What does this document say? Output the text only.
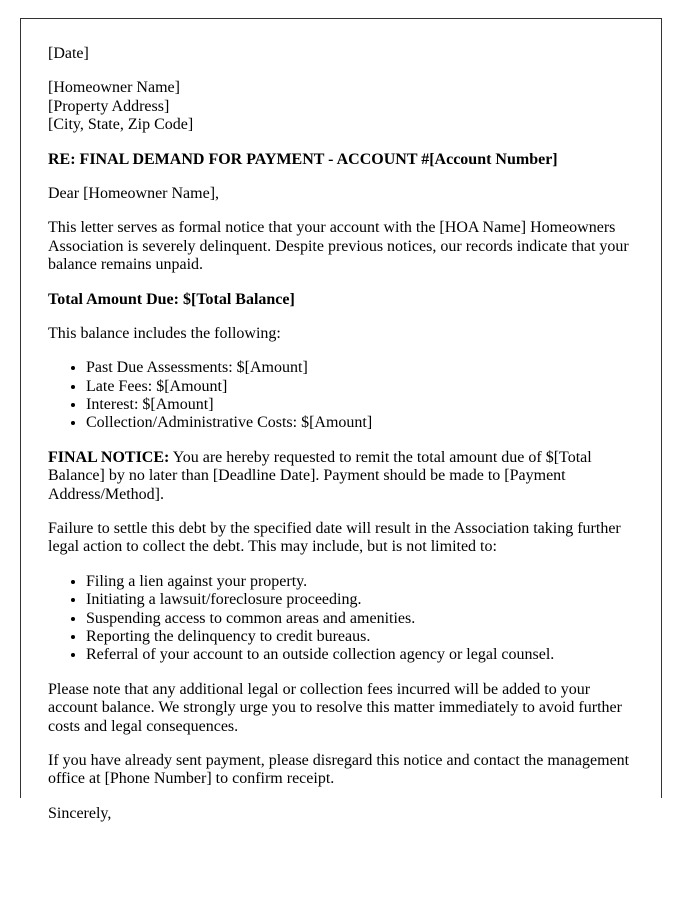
[Date]

[Homeowner Name]
[Property Address]
[City, State, Zip Code]

RE: FINAL DEMAND FOR PAYMENT - ACCOUNT #[Account Number]

Dear [Homeowner Name],

This letter serves as formal notice that your account with the [HOA Name] Homeowners Association is severely delinquent. Despite previous notices, our records indicate that your balance remains unpaid.

Total Amount Due: $[Total Balance]

This balance includes the following:

• Past Due Assessments: $[Amount]
• Late Fees: $[Amount]
• Interest: $[Amount]
• Collection/Administrative Costs: $[Amount]

FINAL NOTICE: You are hereby requested to remit the total amount due of $[Total Balance] by no later than [Deadline Date]. Payment should be made to [Payment Address/Method].

Failure to settle this debt by the specified date will result in the Association taking further legal action to collect the debt. This may include, but is not limited to:

• Filing a lien against your property.
• Initiating a lawsuit/foreclosure proceeding.
• Suspending access to common areas and amenities.
• Reporting the delinquency to credit bureaus.
• Referral of your account to an outside collection agency or legal counsel.

Please note that any additional legal or collection fees incurred will be added to your account balance. We strongly urge you to resolve this matter immediately to avoid further costs and legal consequences.

If you have already sent payment, please disregard this notice and contact the management office at [Phone Number] to confirm receipt.

Sincerely,
